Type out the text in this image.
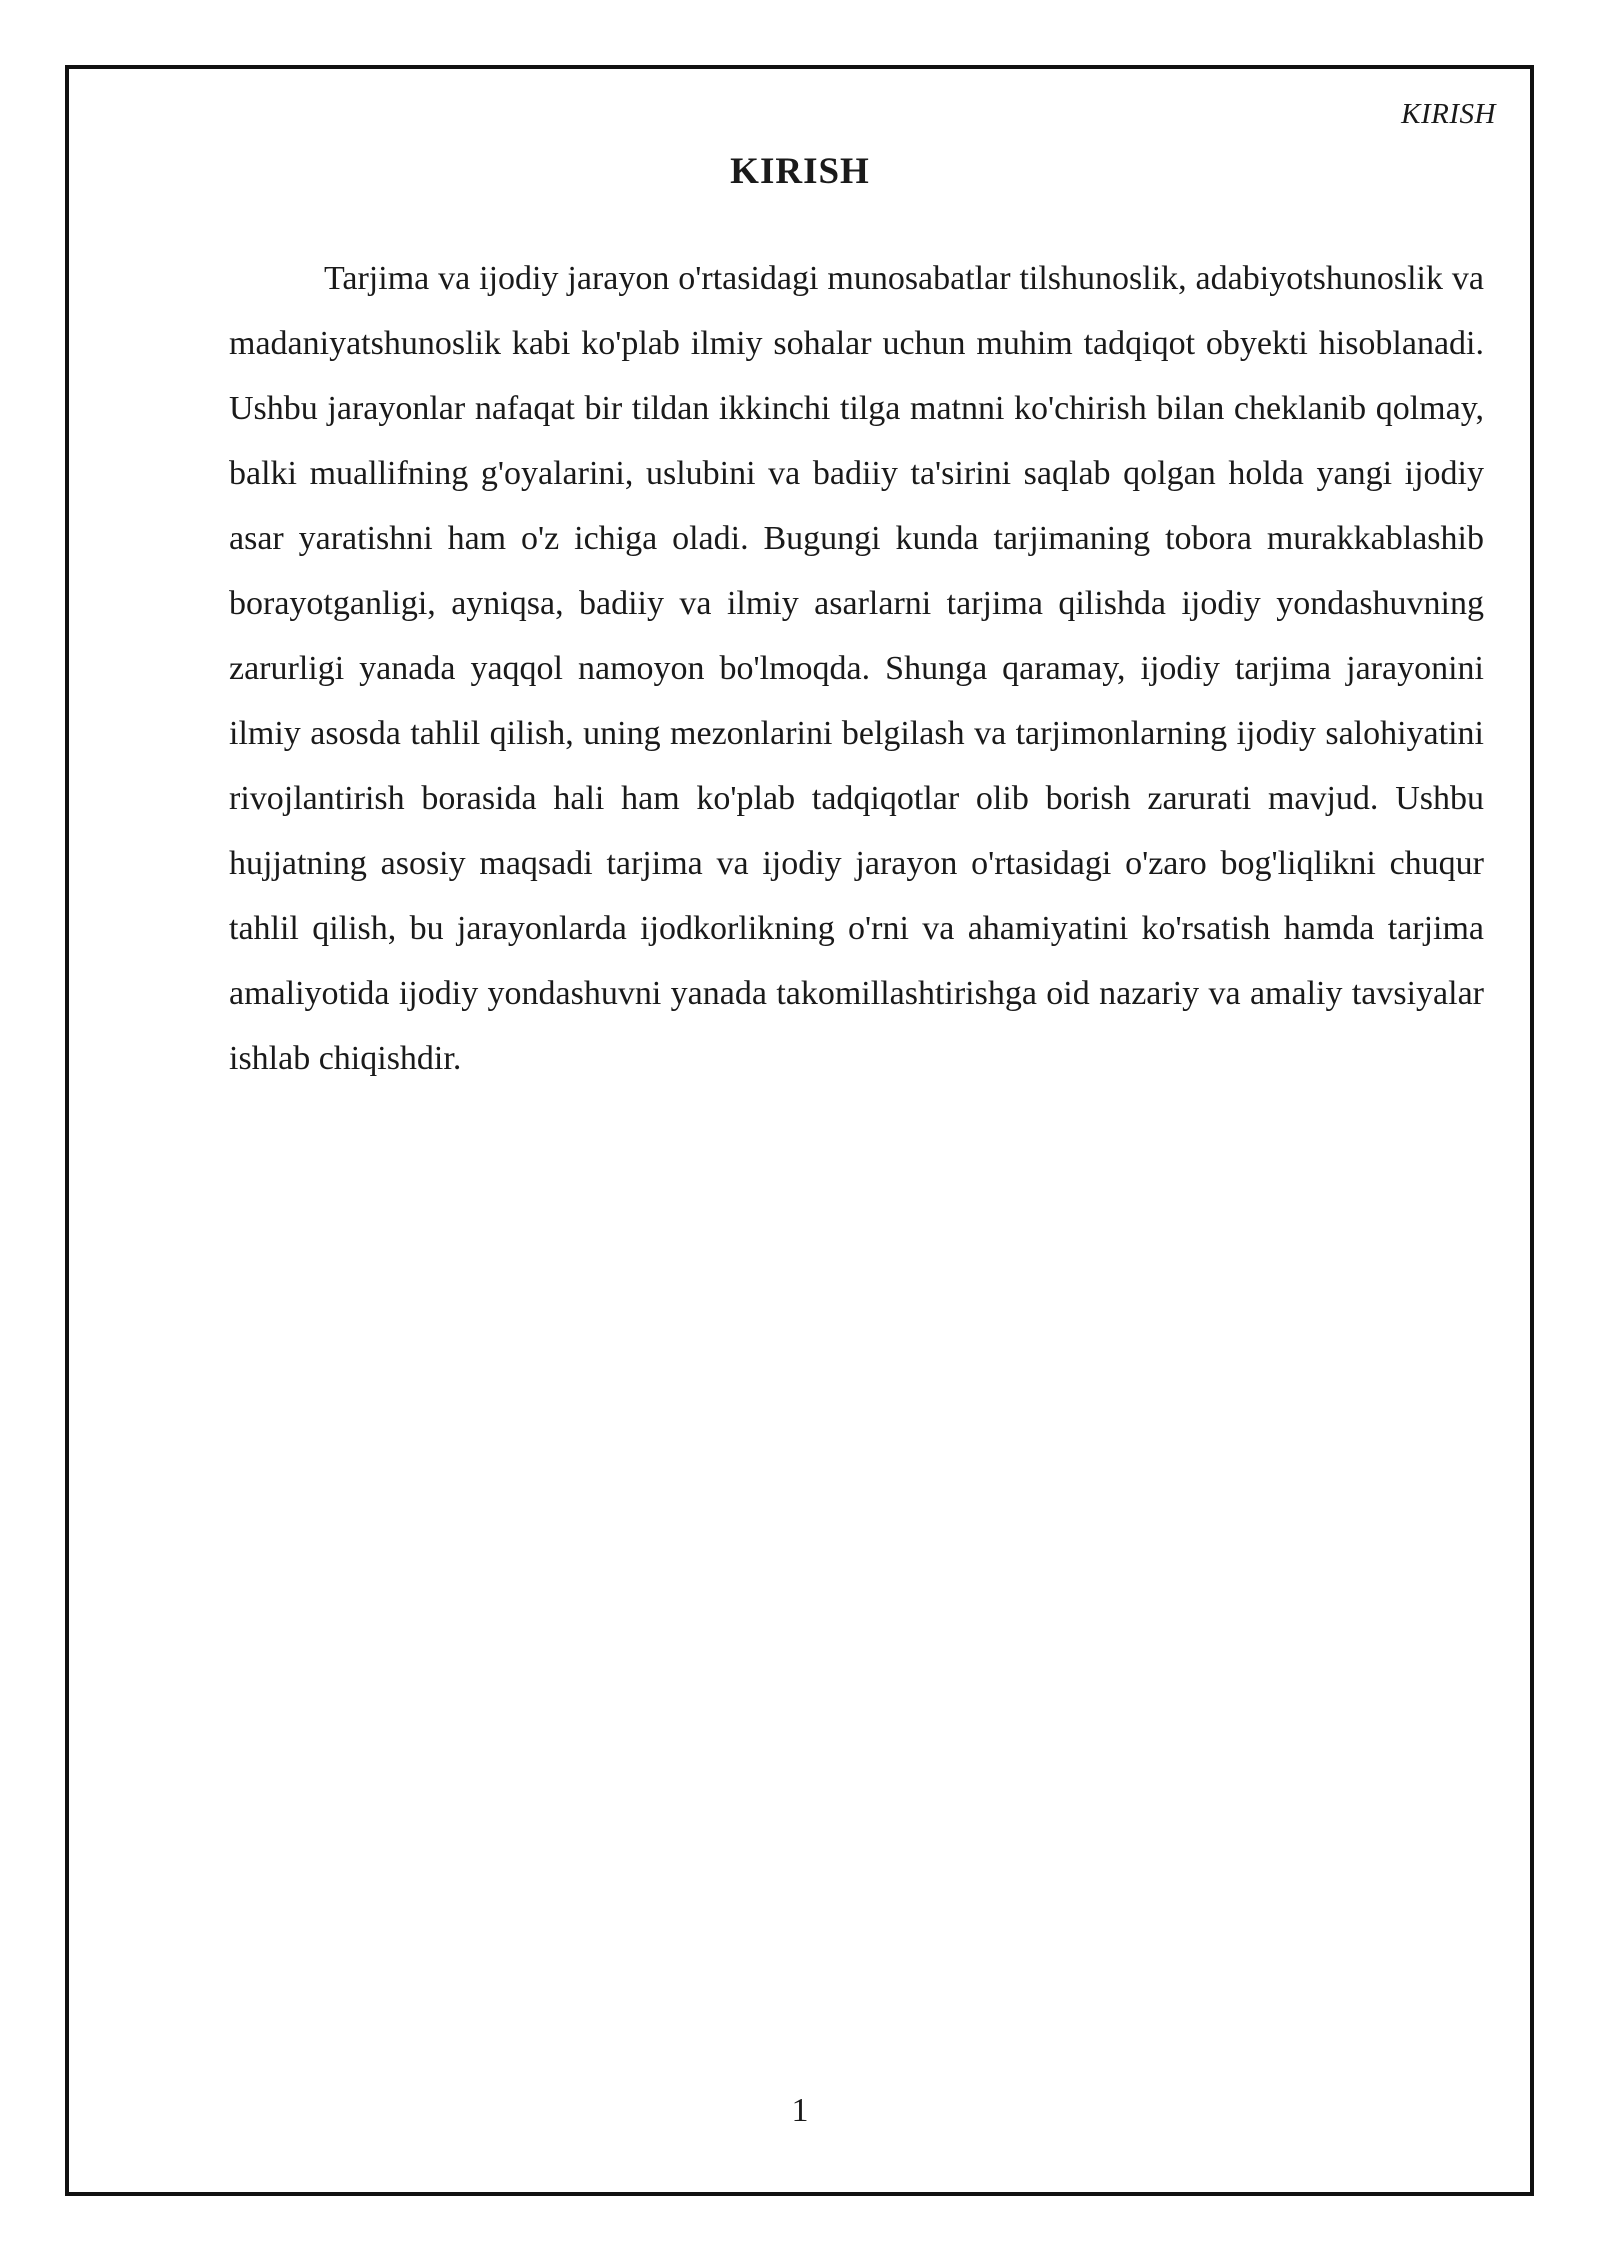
KIRISH
KIRISH

Tarjima va ijodiy jarayon o'rtasidagi munosabatlar tilshunoslik, adabiyotshunoslik va madaniyatshunoslik kabi ko'plab ilmiy sohalar uchun muhim tadqiqot obyekti hisoblanadi. Ushbu jarayonlar nafaqat bir tildan ikkinchi tilga matnni ko'chirish bilan cheklanib qolmay, balki muallifning g'oyalarini, uslubini va badiiy ta'sirini saqlab qolgan holda yangi ijodiy asar yaratishni ham o'z ichiga oladi. Bugungi kunda tarjimaning tobora murakkablashib borayotganligi, ayniqsa, badiiy va ilmiy asarlarni tarjima qilishda ijodiy yondashuvning zarurligi yanada yaqqol namoyon bo'lmoqda. Shunga qaramay, ijodiy tarjima jarayonini ilmiy asosda tahlil qilish, uning mezonlarini belgilash va tarjimonlarning ijodiy salohiyatini rivojlantirish borasida hali ham ko'plab tadqiqotlar olib borish zarurati mavjud. Ushbu hujjatning asosiy maqsadi tarjima va ijodiy jarayon o'rtasidagi o'zaro bog'liqlikni chuqur tahlil qilish, bu jarayonlarda ijodkorlikning o'rni va ahamiyatini ko'rsatish hamda tarjima amaliyotida ijodiy yondashuvni yanada takomillashtirishga oid nazariy va amaliy tavsiyalar ishlab chiqishdir.

1
